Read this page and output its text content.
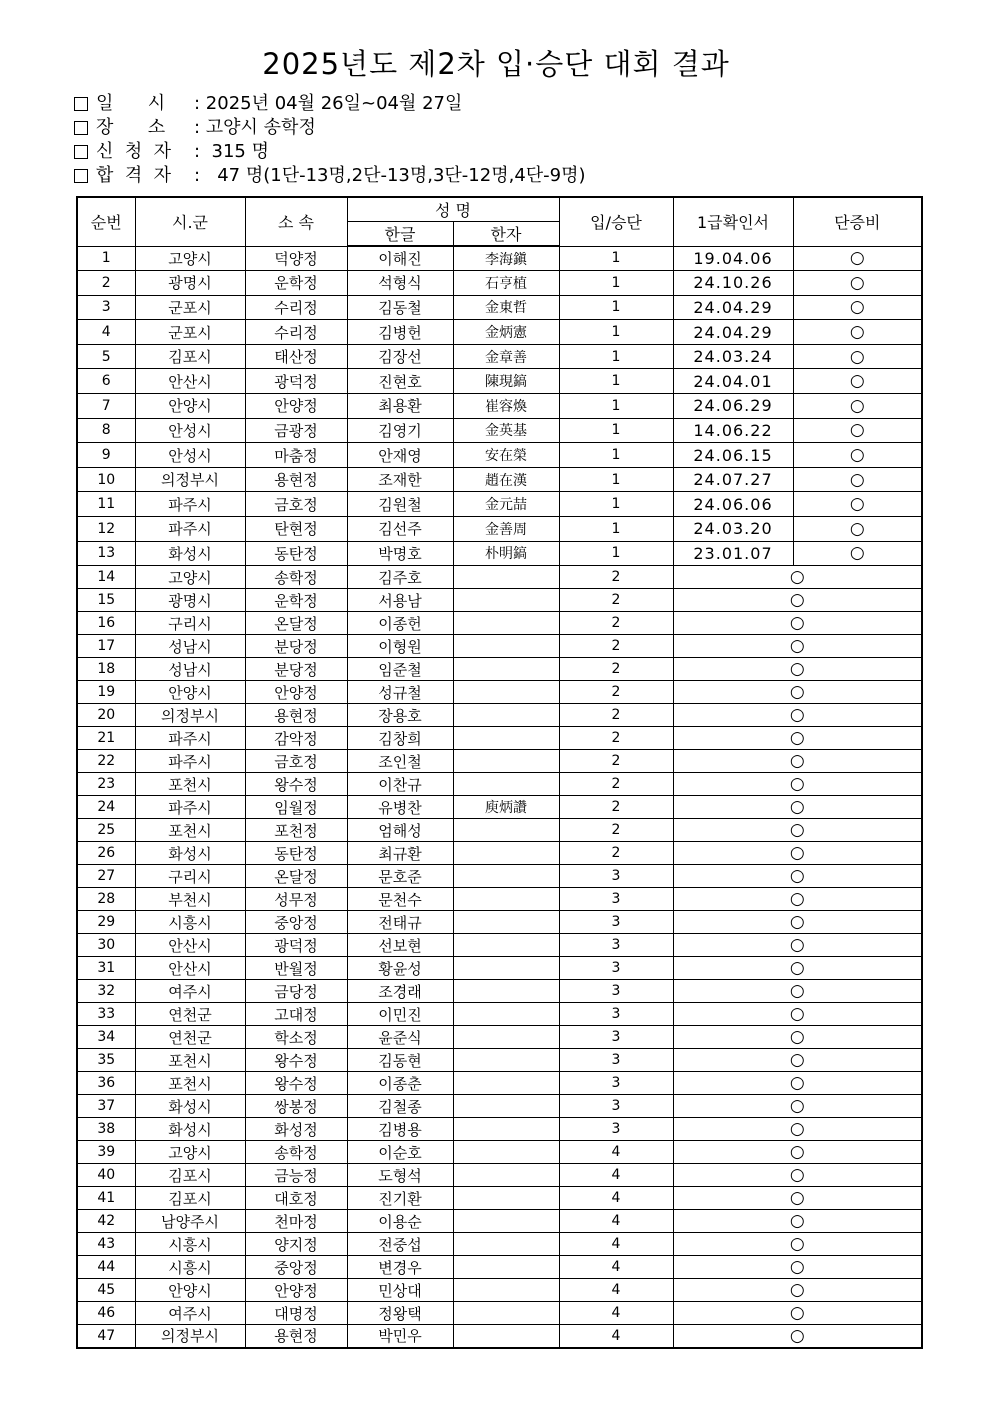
2025년도 제2차 입·승단 대회 결과
일      시	: 2025년 04월 26일~04월 27일
장      소	: 고양시 송학정
신  청  자	:  315 명
합  격  자	:   47 명(1단-13명,2단-13명,3단-12명,4단-9명)
순번	시.군	소 속	성 명		입/승단	1급확인서	단증비
			한글	한자			
1	고양시	덕양정	이해진	李海鎭	1	19.04.06	○
2	광명시	운학정	석형식	石亨植	1	24.10.26	○
3	군포시	수리정	김동철	金東哲	1	24.04.29	○
4	군포시	수리정	김병헌	金炳憲	1	24.04.29	○
5	김포시	태산정	김장선	金章善	1	24.03.24	○
6	안산시	광덕정	진현호	陳現鎬	1	24.04.01	○
7	안양시	안양정	최용환	崔容煥	1	24.06.29	○
8	안성시	금광정	김영기	金英基	1	14.06.22	○
9	안성시	마춤정	안재영	安在榮	1	24.06.15	○
10	의정부시	용현정	조재한	趙在漢	1	24.07.27	○
11	파주시	금호정	김원철	金元喆	1	24.06.06	○
12	파주시	탄현정	김선주	金善周	1	24.03.20	○
13	화성시	동탄정	박명호	朴明鎬	1	23.01.07	○
14	고양시	송학정	김주호		2	○	
15	광명시	운학정	서용남		2	○	
16	구리시	온달정	이종헌		2	○	
17	성남시	분당정	이형원		2	○	
18	성남시	분당정	임준철		2	○	
19	안양시	안양정	성규철		2	○	
20	의정부시	용현정	장용호		2	○	
21	파주시	감악정	김창희		2	○	
22	파주시	금호정	조인철		2	○	
23	포천시	왕수정	이찬규		2	○	
24	파주시	임월정	유병찬	庾炳讚	2	○	
25	포천시	포천정	엄해성		2	○	
26	화성시	동탄정	최규환		2	○	
27	구리시	온달정	문호준		3	○	
28	부천시	성무정	문천수		3	○	
29	시흥시	중앙정	전태규		3	○	
30	안산시	광덕정	선보현		3	○	
31	안산시	반월정	황윤성		3	○	
32	여주시	금당정	조경래		3	○	
33	연천군	고대정	이민진		3	○	
34	연천군	학소정	윤준식		3	○	
35	포천시	왕수정	김동현		3	○	
36	포천시	왕수정	이종춘		3	○	
37	화성시	쌍봉정	김철종		3	○	
38	화성시	화성정	김병용		3	○	
39	고양시	송학정	이순호		4	○	
40	김포시	금능정	도형석		4	○	
41	김포시	대호정	진기환		4	○	
42	남양주시	천마정	이용순		4	○	
43	시흥시	양지정	전중섭		4	○	
44	시흥시	중앙정	변경우		4	○	
45	안양시	안양정	민상대		4	○	
46	여주시	대명정	정왕택		4	○	
47	의정부시	용현정	박민우		4	○	
